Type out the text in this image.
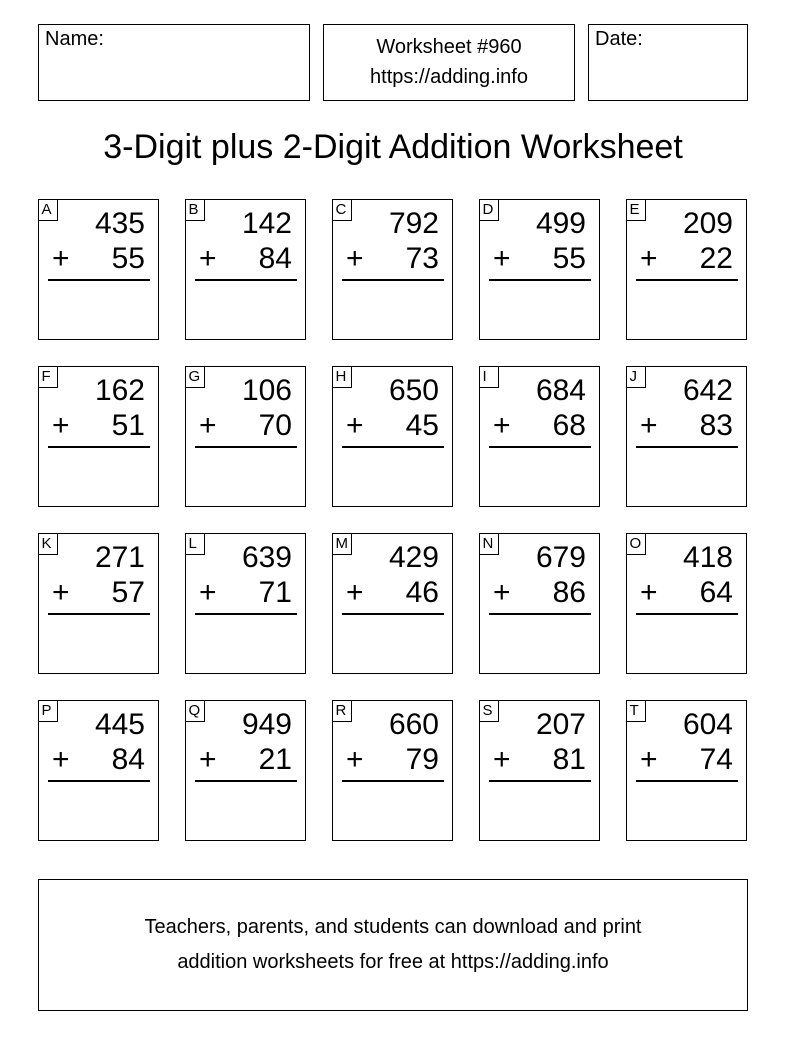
Name:	Worksheet #960
https://adding.info
Date:
3-Digit plus 2-Digit Addition Worksheet
A 435
+ 55
B 142
+ 84
C 792
+ 73
D 499
+ 55
E 209
+ 22
F 162
+ 51
G 106
+ 70
H 650
+ 45
I	684
+ 68
J 642
+ 83
K 271
+ 57
L 639
+ 71
M 429
+ 46
N 679
+ 86
O 418
+ 64
P 445
+ 84
Q 949
+ 21
R 660
+ 79
S 207
+ 81
T 604
+ 74
Teachers, parents, and students can download and print
addition worksheets for free at https://adding.info
